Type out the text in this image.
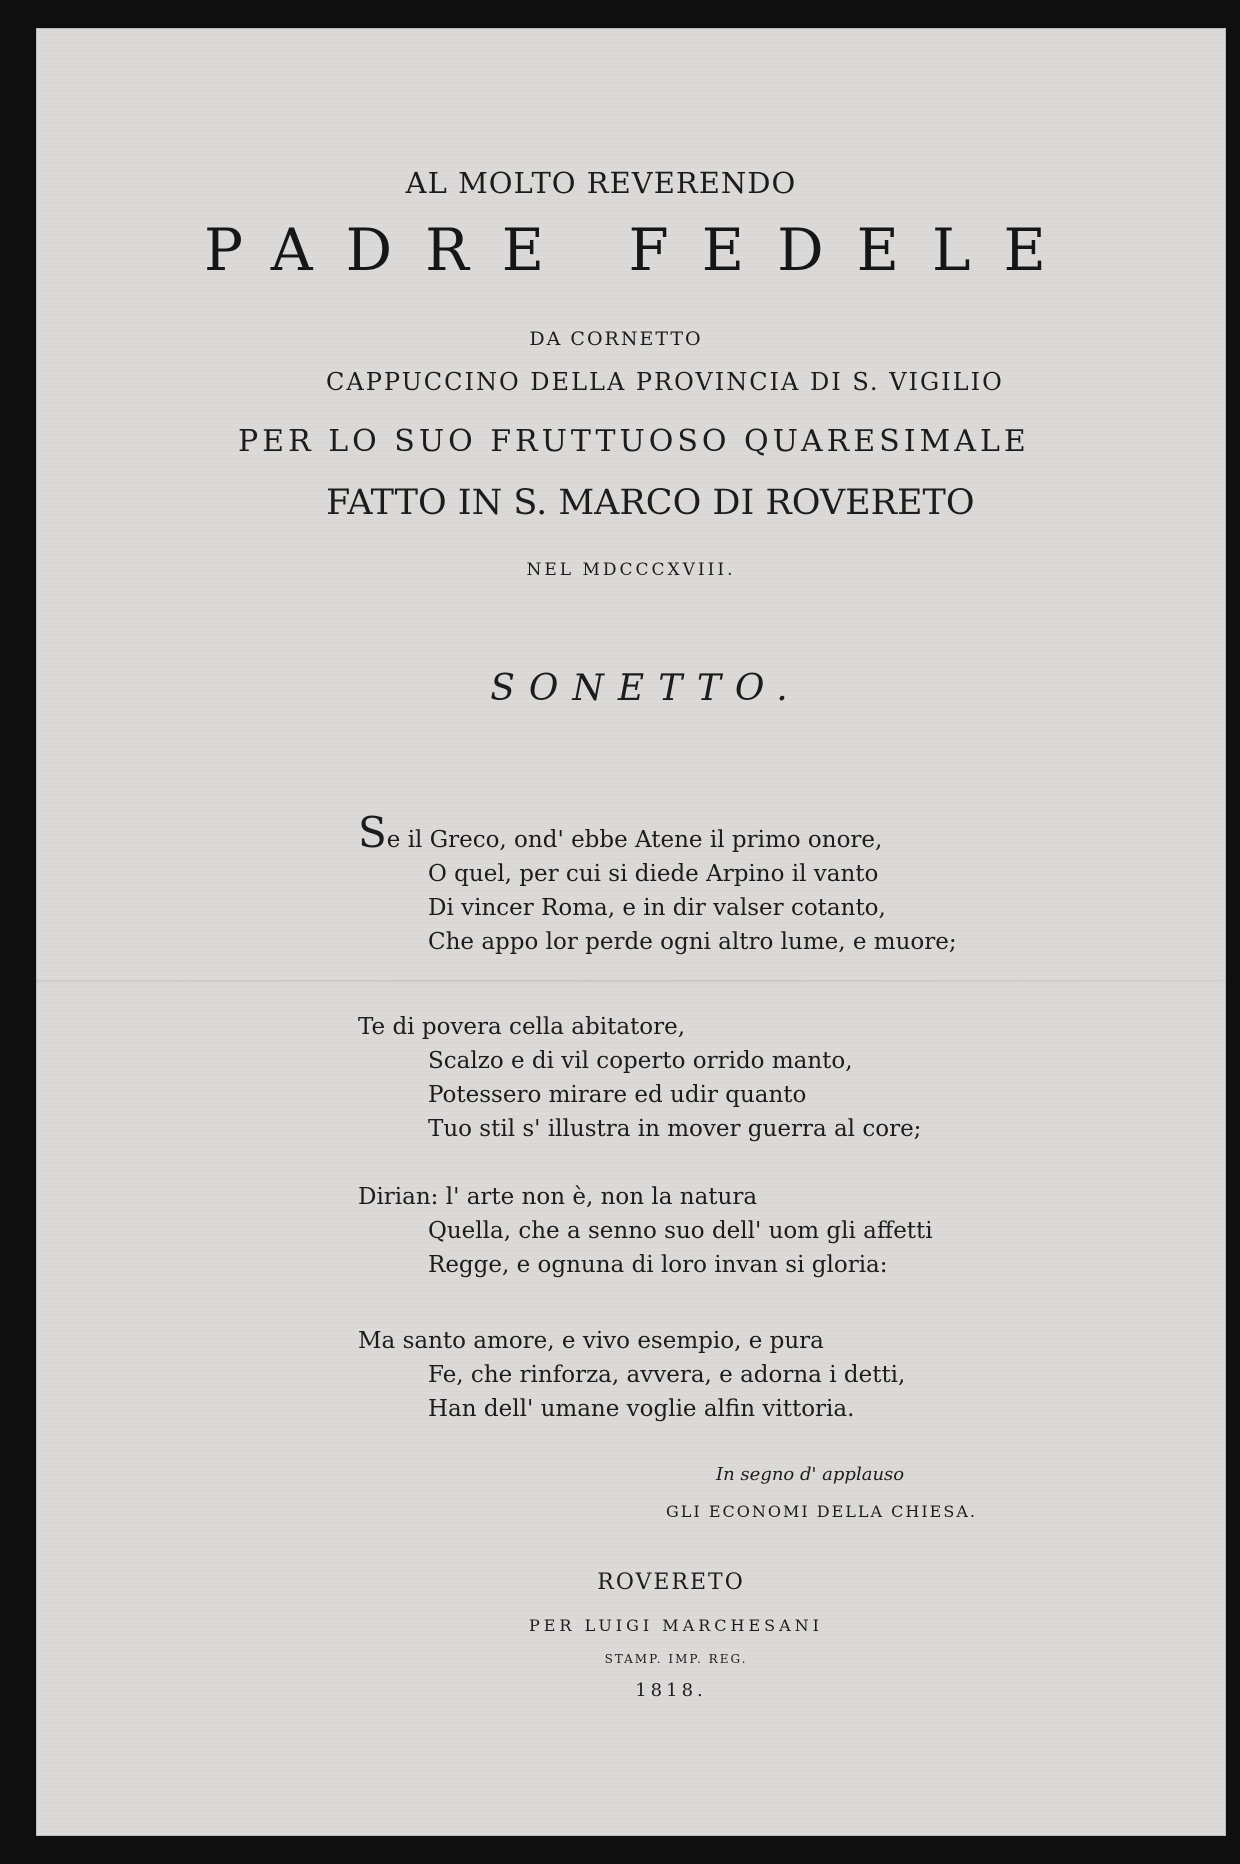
AL MOLTO REVERENDO
PADRE FEDELE
DA CORNETTO
CAPPUCCINO DELLA PROVINCIA DI S. VIGILIO
PER LO SUO FRUTTUOSO QUARESIMALE
FATTO IN S. MARCO DI ROVERETO
NEL MDCCCXVIII.
SONETTO.
Se il Greco, ond' ebbe Atene il primo onore,
O quel, per cui si diede Arpino il vanto
Di vincer Roma, e in dir valser cotanto,
Che appo lor perde ogni altro lume, e muore;
Te di povera cella abitatore,
Scalzo e di vil coperto orrido manto,
Potessero mirare ed udir quanto
Tuo stil s' illustra in mover guerra al core;
Dirian: l' arte non è, non la natura
Quella, che a senno suo dell' uom gli affetti
Regge, e ognuna di loro invan si gloria:
Ma santo amore, e vivo esempio, e pura
Fe, che rinforza, avvera, e adorna i detti,
Han dell' umane voglie alfin vittoria.
In segno d' applauso
GLI ECONOMI DELLA CHIESA.
ROVERETO
PER LUIGI MARCHESANI
STAMP. IMP. REG.
1818.
